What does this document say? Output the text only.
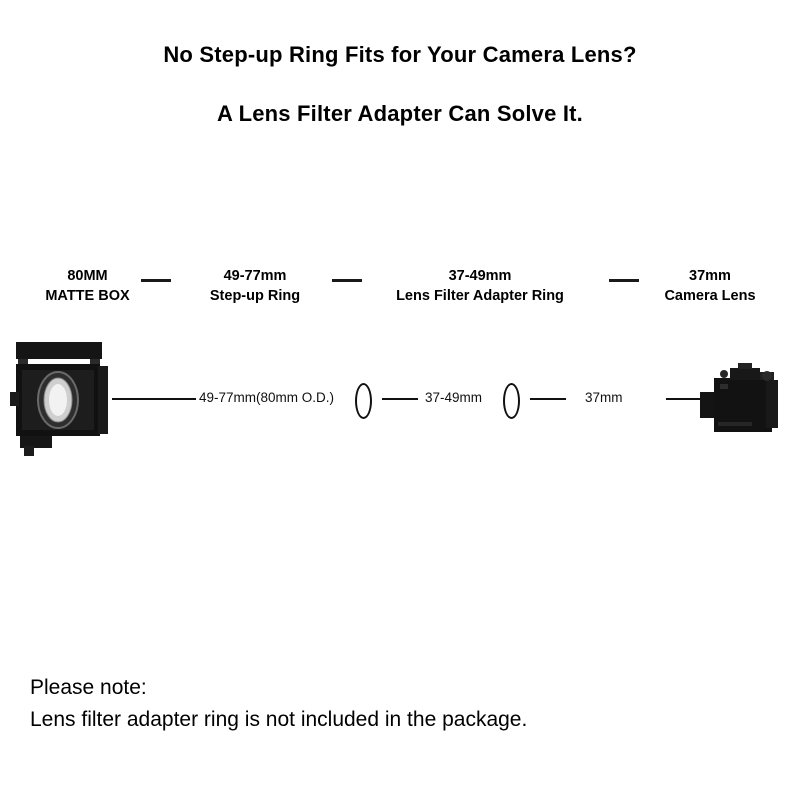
No Step-up Ring Fits for Your Camera Lens?
A Lens Filter Adapter Can Solve It.
80MM
MATTE BOX
49-77mm
Step-up Ring
37-49mm
Lens Filter Adapter Ring
37mm
Camera Lens
49-77mm(80mm O.D.)	37-49mm	37mm
Please note:
Lens filter adapter ring is not included in the package.
